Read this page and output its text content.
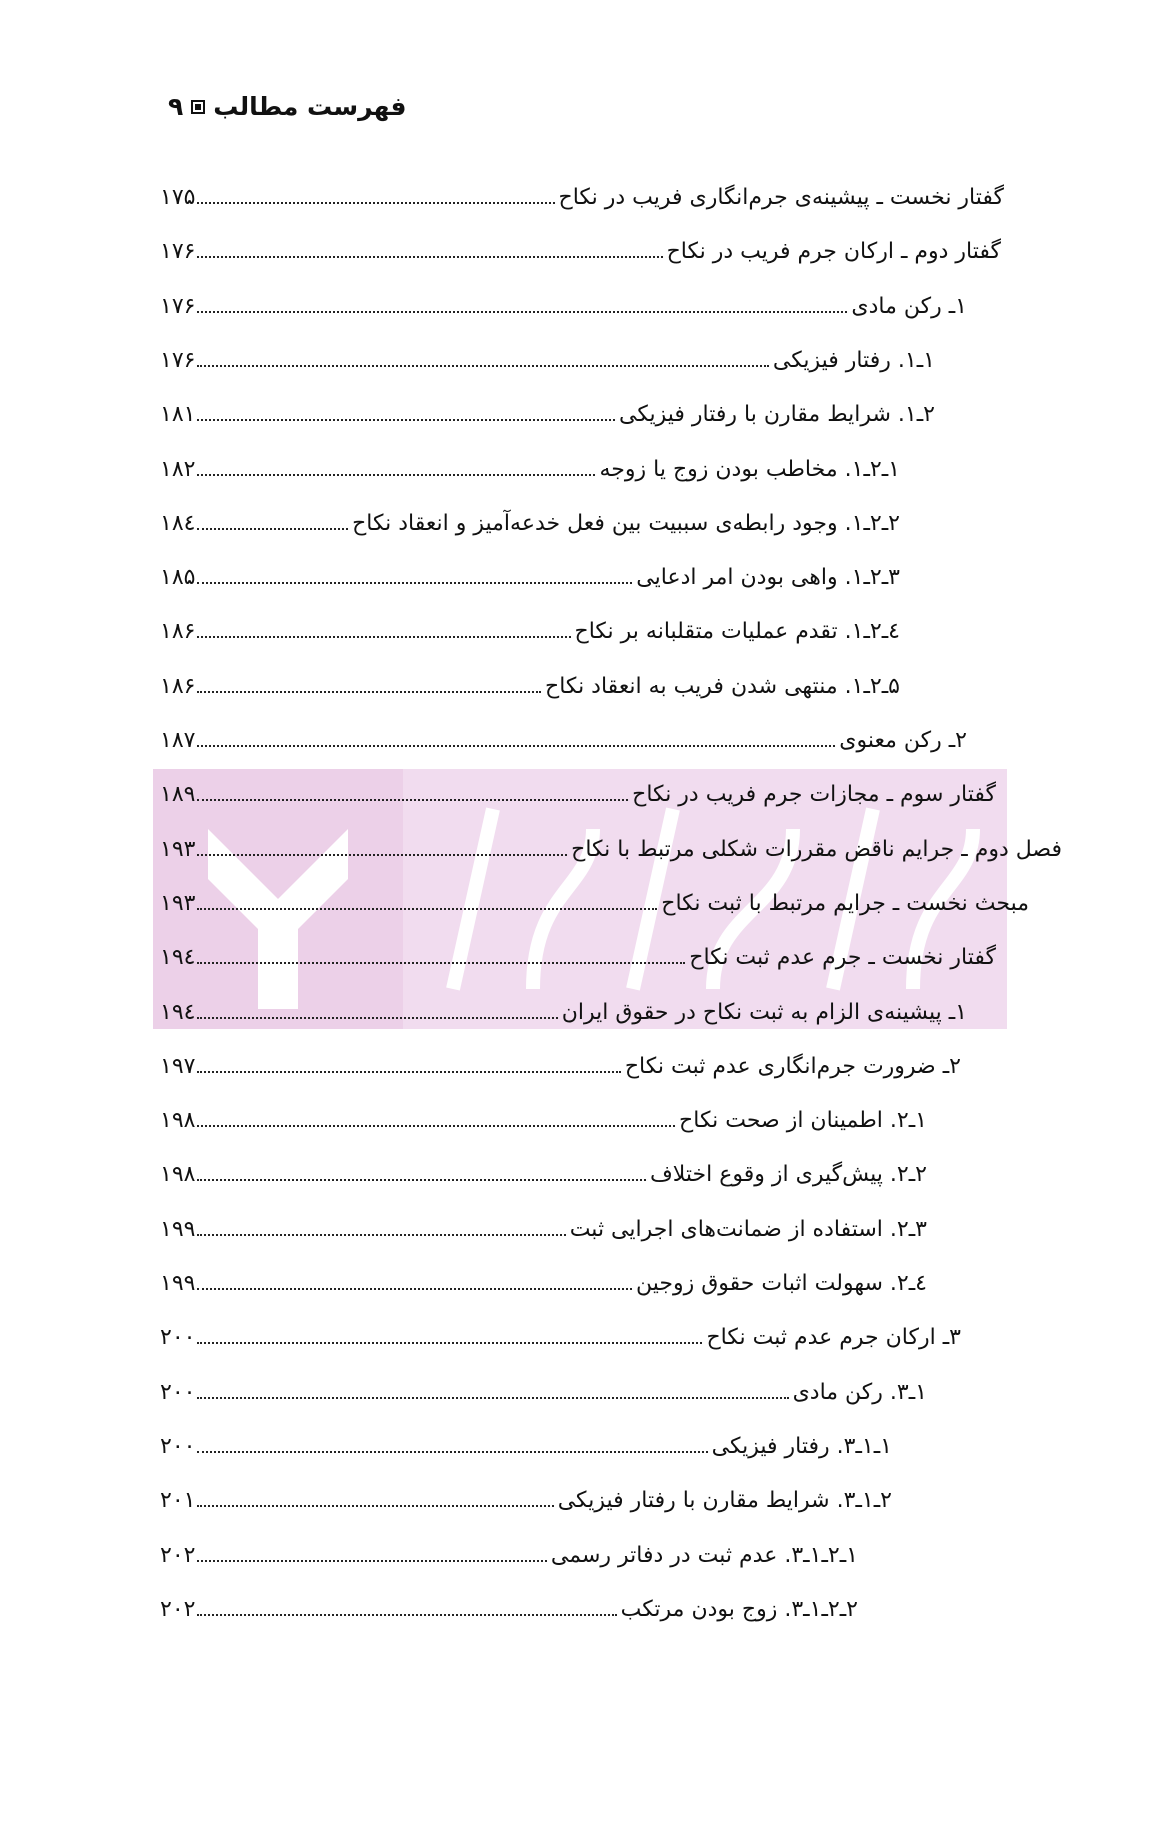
فهرست مطالب
۹
گفتار نخست ـ پیشینه‌ی جرم‌انگاری فریب در نکاح
۱۷۵
گفتار دوم ـ ارکان جرم فریب در نکاح
۱۷۶
۱ـ رکن مادی
۱۷۶
۱ـ۱. رفتار فیزیکی
۱۷۶
۲ـ۱. شرایط مقارن با رفتار فیزیکی
۱۸۱
۱ـ۲ـ۱. مخاطب بودن زوج یا زوجه
۱۸۲
۲ـ۲ـ۱. وجود رابطه‌ی سببیت بین فعل خدعه‌آمیز و انعقاد نکاح
۱۸٤
۳ـ۲ـ۱. واهی بودن امر ادعایی
۱۸۵
٤ـ۲ـ۱. تقدم عملیات متقلبانه بر نکاح
۱۸۶
۵ـ۲ـ۱. منتهی شدن فریب به انعقاد نکاح
۱۸۶
۲ـ رکن معنوی
۱۸۷
گفتار سوم ـ مجازات جرم فریب در نکاح
۱۸۹
فصل دوم ـ جرایم ناقض مقررات شکلی مرتبط با نکاح
۱۹۳
مبحث نخست ـ جرایم مرتبط با ثبت نکاح
۱۹۳
گفتار نخست ـ جرم عدم ثبت نکاح
۱۹٤
۱ـ پیشینه‌ی الزام به ثبت نکاح در حقوق ایران
۱۹٤
۲ـ ضرورت جرم‌انگاری عدم ثبت نکاح
۱۹۷
۱ـ۲. اطمینان از صحت نکاح
۱۹۸
۲ـ۲. پیش‌گیری از وقوع اختلاف
۱۹۸
۳ـ۲. استفاده از ضمانت‌های اجرایی ثبت
۱۹۹
٤ـ۲. سهولت اثبات حقوق زوجین
۱۹۹
۳ـ ارکان جرم عدم ثبت نکاح
۲۰۰
۱ـ۳. رکن مادی
۲۰۰
۱ـ۱ـ۳. رفتار فیزیکی
۲۰۰
۲ـ۱ـ۳. شرایط مقارن با رفتار فیزیکی
۲۰۱
۱ـ۲ـ۱ـ۳. عدم ثبت در دفاتر رسمی
۲۰۲
۲ـ۲ـ۱ـ۳. زوج بودن مرتکب
۲۰۲
